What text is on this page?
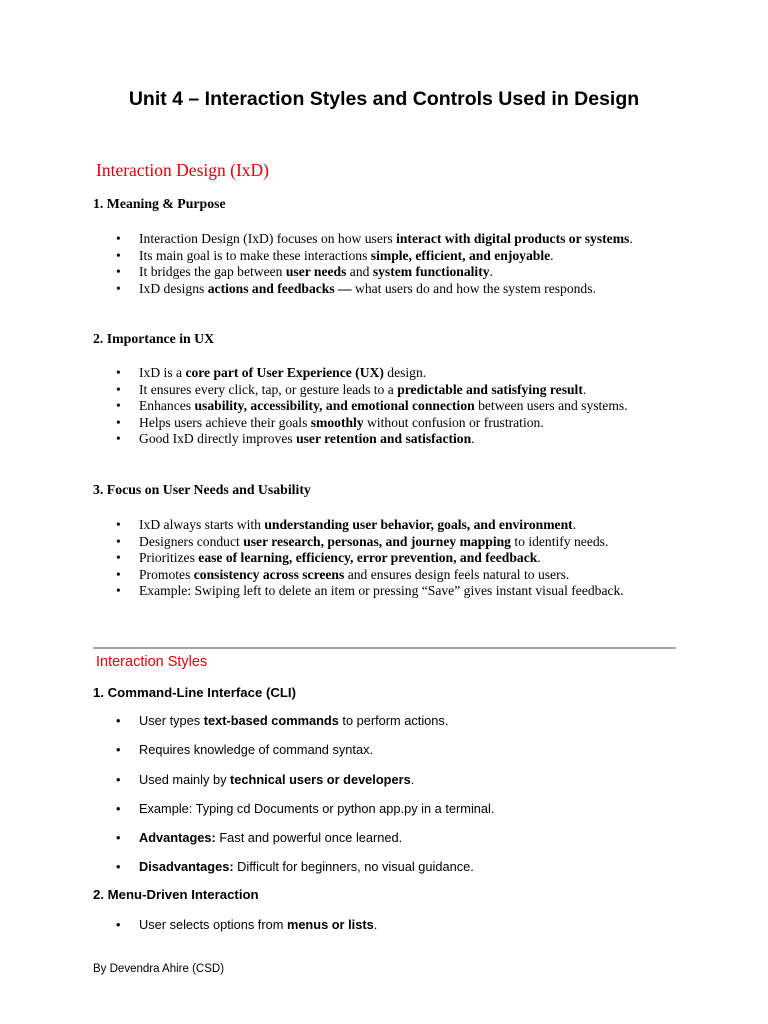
Unit 4 – Interaction Styles and Controls Used in Design
Interaction Design (IxD)
1. Meaning & Purpose
• Interaction Design (IxD) focuses on how users interact with digital products or systems.
• Its main goal is to make these interactions simple, efficient, and enjoyable.
• It bridges the gap between user needs and system functionality.
• IxD designs actions and feedbacks — what users do and how the system responds.
2. Importance in UX
• IxD is a core part of User Experience (UX) design.
• It ensures every click, tap, or gesture leads to a predictable and satisfying result.
• Enhances usability, accessibility, and emotional connection between users and systems.
• Helps users achieve their goals smoothly without confusion or frustration.
• Good IxD directly improves user retention and satisfaction.
3. Focus on User Needs and Usability
• IxD always starts with understanding user behavior, goals, and environment.
• Designers conduct user research, personas, and journey mapping to identify needs.
• Prioritizes ease of learning, efficiency, error prevention, and feedback.
• Promotes consistency across screens and ensures design feels natural to users.
• Example: Swiping left to delete an item or pressing “Save” gives instant visual feedback.
Interaction Styles
1. Command-Line Interface (CLI)
• User types text-based commands to perform actions.
• Requires knowledge of command syntax.
• Used mainly by technical users or developers.
• Example: Typing cd Documents or python app.py in a terminal.
• Advantages: Fast and powerful once learned.
• Disadvantages: Difficult for beginners, no visual guidance.
2. Menu-Driven Interaction
• User selects options from menus or lists.

By Devendra Ahire (CSD)
